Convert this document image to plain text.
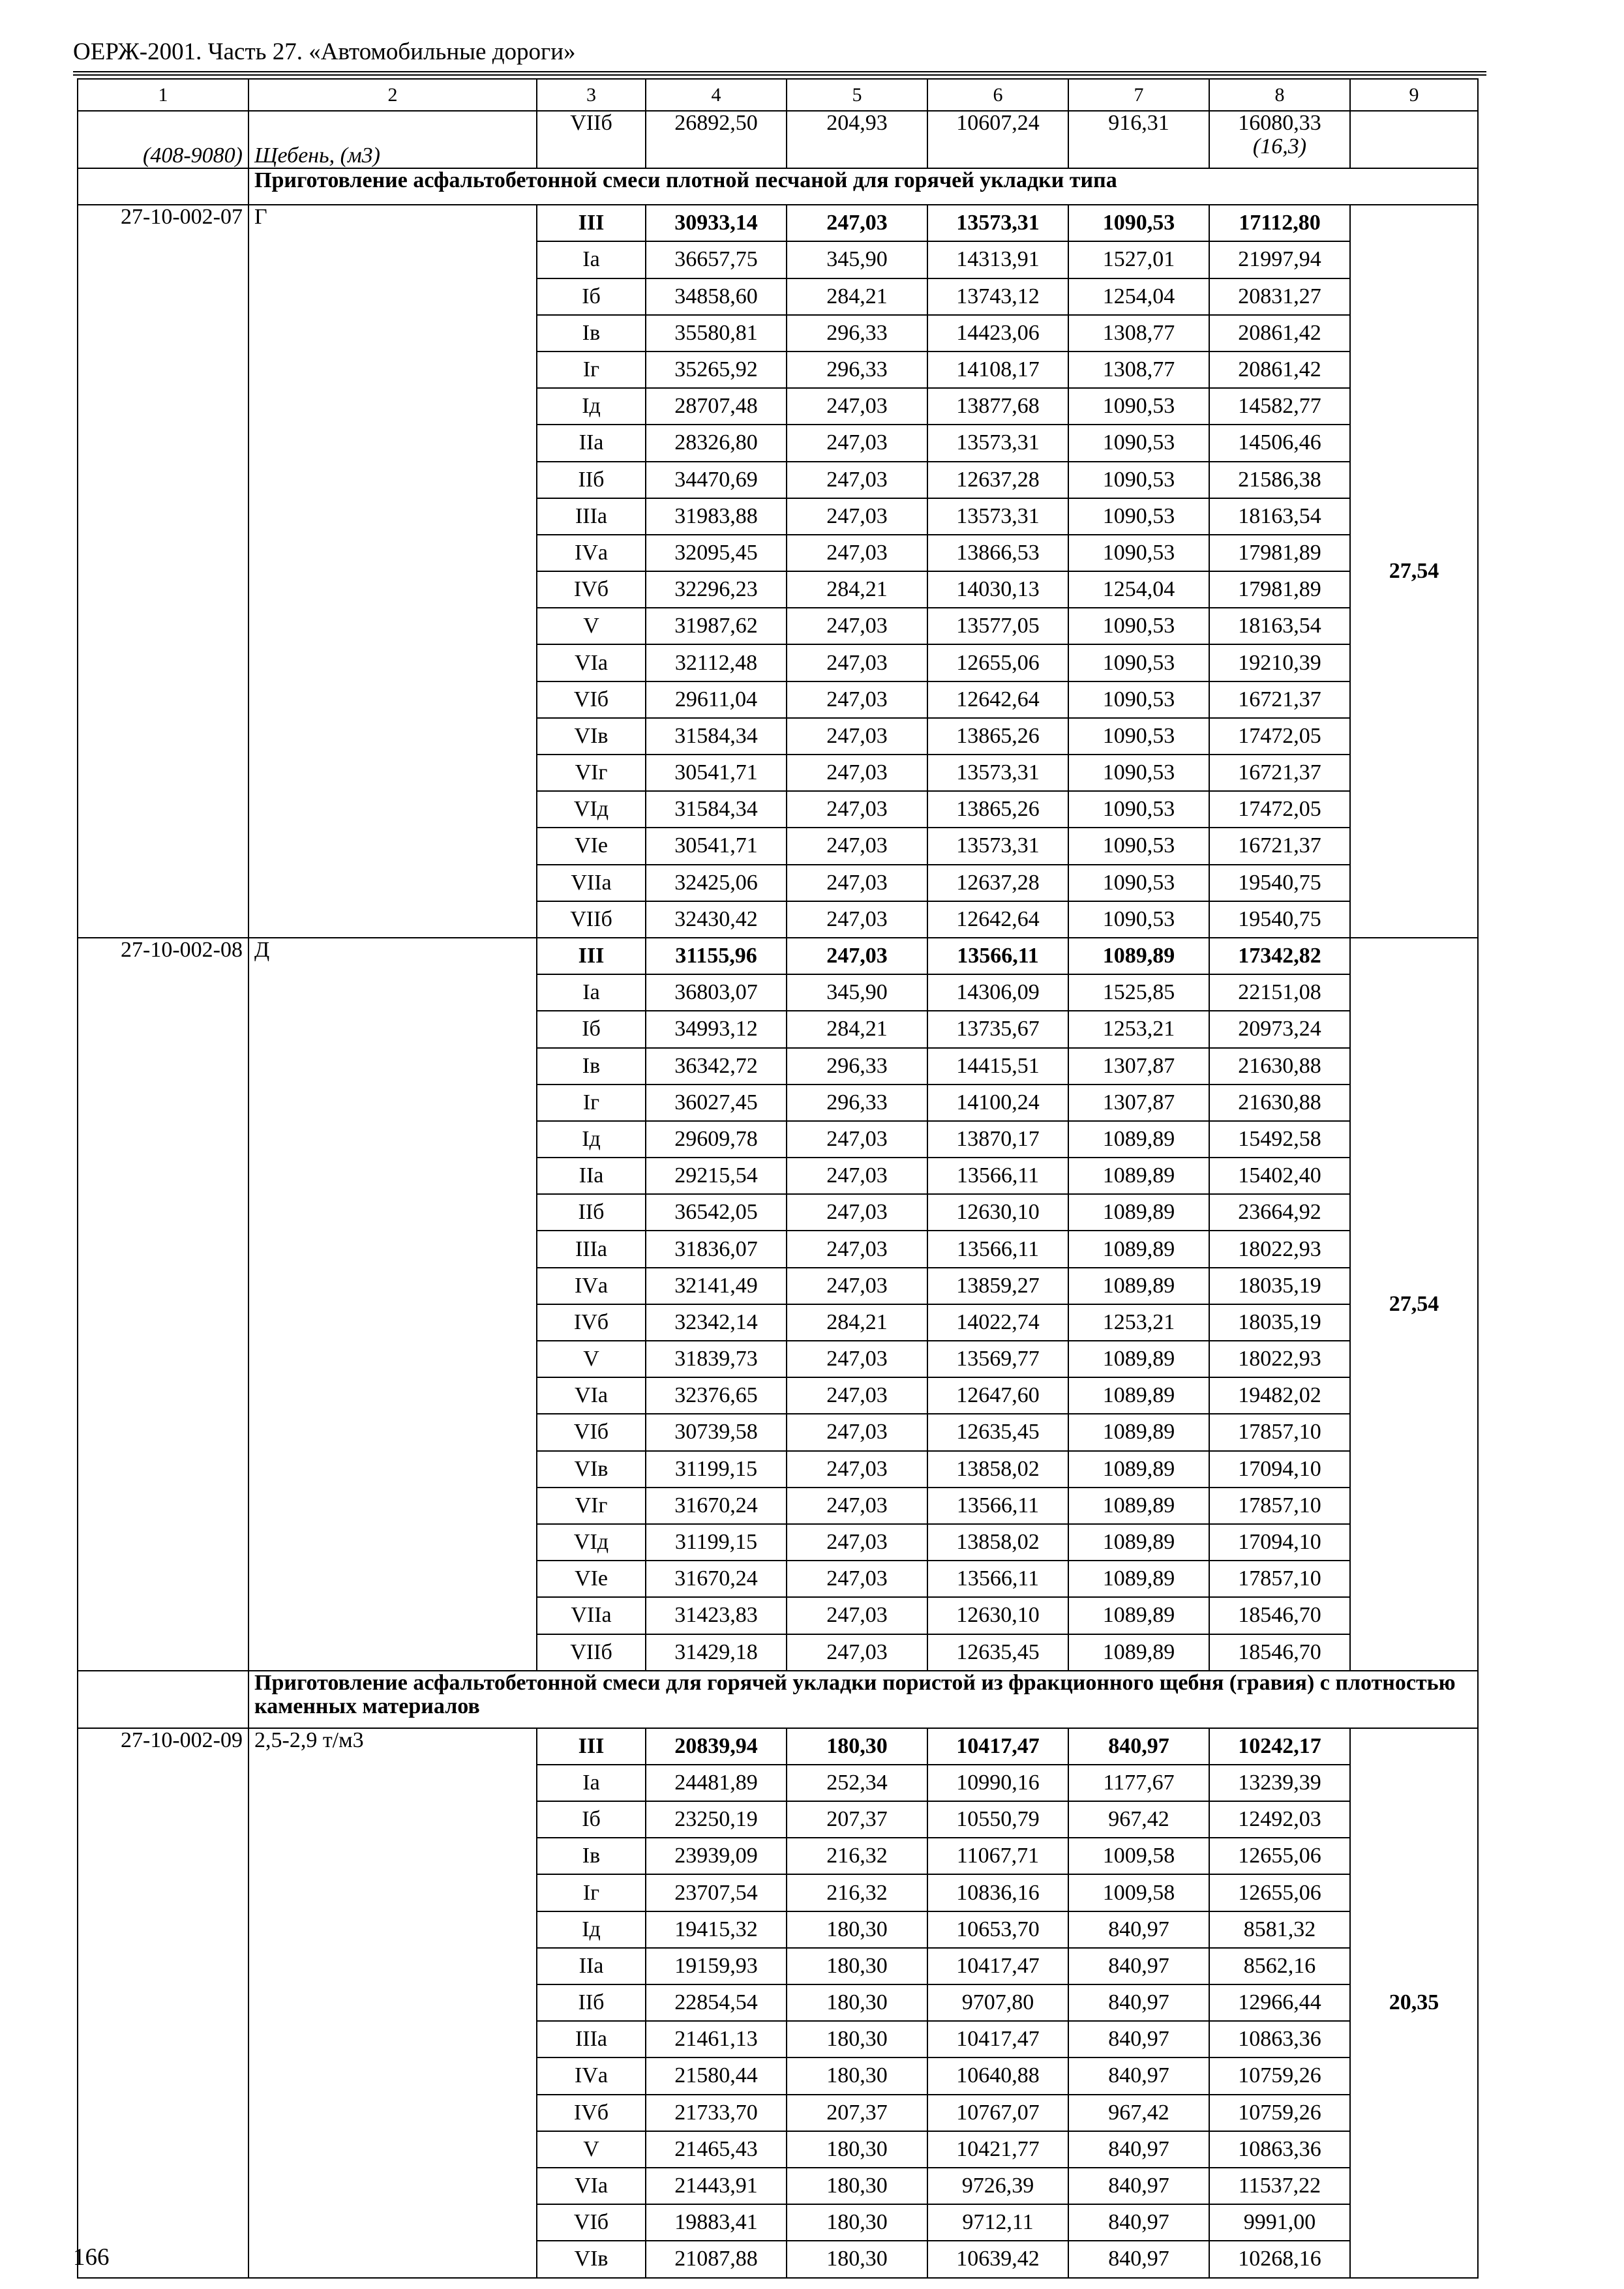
ОЕРЖ-2001. Часть 27. «Автомобильные дороги»
1	2	3	4	5	6	7	8	9
(408-9080)	Щебень, (м3)	VIIб	26892,50	204,93	10607,24	916,31	16080,33
(16,3)	

	Приготовление асфальтобетонной смеси плотной песчаной для горячей укладки типа							
27-10-002-07	Г	III	30933,14	247,03	13573,31	1090,53	17112,80	27,54
		Iа	36657,75	345,90	14313,91	1527,01	21997,94	
		Iб	34858,60	284,21	13743,12	1254,04	20831,27	
		Iв	35580,81	296,33	14423,06	1308,77	20861,42	
		Iг	35265,92	296,33	14108,17	1308,77	20861,42	
		Iд	28707,48	247,03	13877,68	1090,53	14582,77	
		IIа	28326,80	247,03	13573,31	1090,53	14506,46	
		IIб	34470,69	247,03	12637,28	1090,53	21586,38	
		IIIа	31983,88	247,03	13573,31	1090,53	18163,54	
		IVа	32095,45	247,03	13866,53	1090,53	17981,89	
		IVб	32296,23	284,21	14030,13	1254,04	17981,89	
		V	31987,62	247,03	13577,05	1090,53	18163,54	
		VIа	32112,48	247,03	12655,06	1090,53	19210,39	
		VIб	29611,04	247,03	12642,64	1090,53	16721,37	
		VIв	31584,34	247,03	13865,26	1090,53	17472,05	
		VIг	30541,71	247,03	13573,31	1090,53	16721,37	
		VIд	31584,34	247,03	13865,26	1090,53	17472,05	
		VIе	30541,71	247,03	13573,31	1090,53	16721,37	
		VIIа	32425,06	247,03	12637,28	1090,53	19540,75	
		VIIб	32430,42	247,03	12642,64	1090,53	19540,75	
27-10-002-08	Д	III	31155,96	247,03	13566,11	1089,89	17342,82	27,54
		Iа	36803,07	345,90	14306,09	1525,85	22151,08	
		Iб	34993,12	284,21	13735,67	1253,21	20973,24	
		Iв	36342,72	296,33	14415,51	1307,87	21630,88	
		Iг	36027,45	296,33	14100,24	1307,87	21630,88	
		Iд	29609,78	247,03	13870,17	1089,89	15492,58	
		IIа	29215,54	247,03	13566,11	1089,89	15402,40	
		IIб	36542,05	247,03	12630,10	1089,89	23664,92	
		IIIа	31836,07	247,03	13566,11	1089,89	18022,93	
		IVа	32141,49	247,03	13859,27	1089,89	18035,19	
		IVб	32342,14	284,21	14022,74	1253,21	18035,19	
		V	31839,73	247,03	13569,77	1089,89	18022,93	
		VIа	32376,65	247,03	12647,60	1089,89	19482,02	
		VIб	30739,58	247,03	12635,45	1089,89	17857,10	
		VIв	31199,15	247,03	13858,02	1089,89	17094,10	
		VIг	31670,24	247,03	13566,11	1089,89	17857,10	
		VIд	31199,15	247,03	13858,02	1089,89	17094,10	
		VIе	31670,24	247,03	13566,11	1089,89	17857,10	
		VIIа	31423,83	247,03	12630,10	1089,89	18546,70	
		VIIб	31429,18	247,03	12635,45	1089,89	18546,70	
	Приготовление асфальтобетонной смеси для горячей укладки пористой из фракционного щебня (гравия) с плотностью каменных материалов							
27-10-002-09	2,5-2,9 т/м3	III	20839,94	180,30	10417,47	840,97	10242,17	20,35
		Iа	24481,89	252,34	10990,16	1177,67	13239,39	
		Iб	23250,19	207,37	10550,79	967,42	12492,03	
		Iв	23939,09	216,32	11067,71	1009,58	12655,06	
		Iг	23707,54	216,32	10836,16	1009,58	12655,06	
		Iд	19415,32	180,30	10653,70	840,97	8581,32	
		IIа	19159,93	180,30	10417,47	840,97	8562,16	
		IIб	22854,54	180,30	9707,80	840,97	12966,44	
		IIIа	21461,13	180,30	10417,47	840,97	10863,36	
		IVа	21580,44	180,30	10640,88	840,97	10759,26	
		IVб	21733,70	207,37	10767,07	967,42	10759,26	
		V	21465,43	180,30	10421,77	840,97	10863,36	
		VIа	21443,91	180,30	9726,39	840,97	11537,22	
		VIб	19883,41	180,30	9712,11	840,97	9991,00	
		VIв	21087,88	180,30	10639,42	840,97	10268,16	
166
